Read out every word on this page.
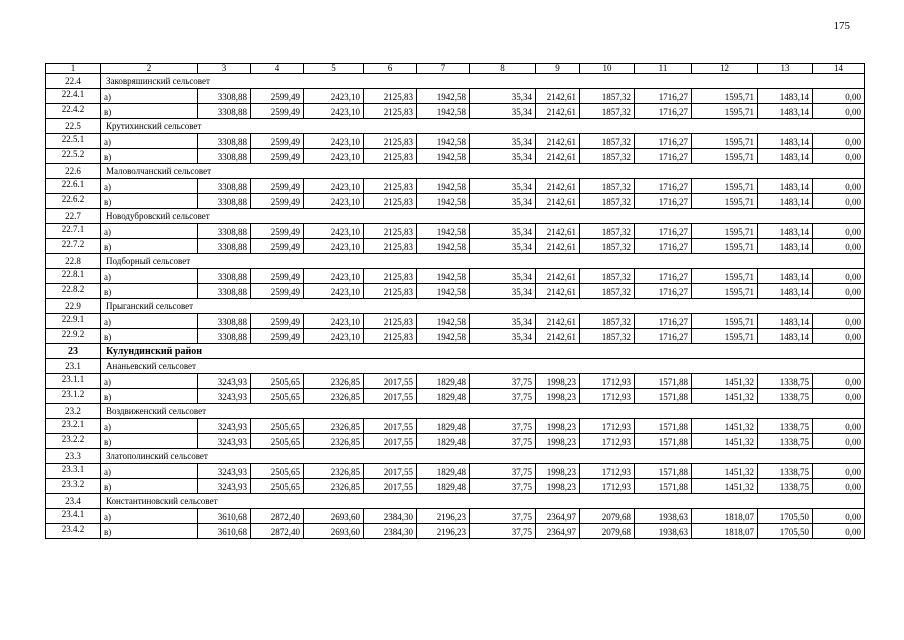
175
1	2	3	4	5	6	7	8	9	10	11	12	13	14
22.4	Заковряшинский сельсовет												
22.4.1	а)	3308,88	2599,49	2423,10	2125,83	1942,58	35,34	2142,61	1857,32	1716,27	1595,71	1483,14	0,00
22.4.2	в)	3308,88	2599,49	2423,10	2125,83	1942,58	35,34	2142,61	1857,32	1716,27	1595,71	1483,14	0,00
22.5	Крутихинский сельсовет												
22.5.1	а)	3308,88	2599,49	2423,10	2125,83	1942,58	35,34	2142,61	1857,32	1716,27	1595,71	1483,14	0,00
22.5.2	в)	3308,88	2599,49	2423,10	2125,83	1942,58	35,34	2142,61	1857,32	1716,27	1595,71	1483,14	0,00
22.6	Маловолчанский сельсовет												
22.6.1	а)	3308,88	2599,49	2423,10	2125,83	1942,58	35,34	2142,61	1857,32	1716,27	1595,71	1483,14	0,00
22.6.2	в)	3308,88	2599,49	2423,10	2125,83	1942,58	35,34	2142,61	1857,32	1716,27	1595,71	1483,14	0,00
22.7	Новодубровский сельсовет												
22.7.1	а)	3308,88	2599,49	2423,10	2125,83	1942,58	35,34	2142,61	1857,32	1716,27	1595,71	1483,14	0,00
22.7.2	в)	3308,88	2599,49	2423,10	2125,83	1942,58	35,34	2142,61	1857,32	1716,27	1595,71	1483,14	0,00
22.8	Подборный сельсовет												
22.8.1	а)	3308,88	2599,49	2423,10	2125,83	1942,58	35,34	2142,61	1857,32	1716,27	1595,71	1483,14	0,00
22.8.2	в)	3308,88	2599,49	2423,10	2125,83	1942,58	35,34	2142,61	1857,32	1716,27	1595,71	1483,14	0,00
22.9	Прыганский сельсовет												
22.9.1	а)	3308,88	2599,49	2423,10	2125,83	1942,58	35,34	2142,61	1857,32	1716,27	1595,71	1483,14	0,00
22.9.2	в)	3308,88	2599,49	2423,10	2125,83	1942,58	35,34	2142,61	1857,32	1716,27	1595,71	1483,14	0,00
23	Кулундинский район												
23.1	Ананьевский сельсовет												
23.1.1	а)	3243,93	2505,65	2326,85	2017,55	1829,48	37,75	1998,23	1712,93	1571,88	1451,32	1338,75	0,00
23.1.2	в)	3243,93	2505,65	2326,85	2017,55	1829,48	37,75	1998,23	1712,93	1571,88	1451,32	1338,75	0,00
23.2	Воздвиженский сельсовет												
23.2.1	а)	3243,93	2505,65	2326,85	2017,55	1829,48	37,75	1998,23	1712,93	1571,88	1451,32	1338,75	0,00
23.2.2	в)	3243,93	2505,65	2326,85	2017,55	1829,48	37,75	1998,23	1712,93	1571,88	1451,32	1338,75	0,00
23.3	Златополинский сельсовет												
23.3.1	а)	3243,93	2505,65	2326,85	2017,55	1829,48	37,75	1998,23	1712,93	1571,88	1451,32	1338,75	0,00
23.3.2	в)	3243,93	2505,65	2326,85	2017,55	1829,48	37,75	1998,23	1712,93	1571,88	1451,32	1338,75	0,00
23.4	Константиновский сельсовет												
23.4.1	а)	3610,68	2872,40	2693,60	2384,30	2196,23	37,75	2364,97	2079,68	1938,63	1818,07	1705,50	0,00
23.4.2	в)	3610,68	2872,40	2693,60	2384,30	2196,23	37,75	2364,97	2079,68	1938,63	1818,07	1705,50	0,00
